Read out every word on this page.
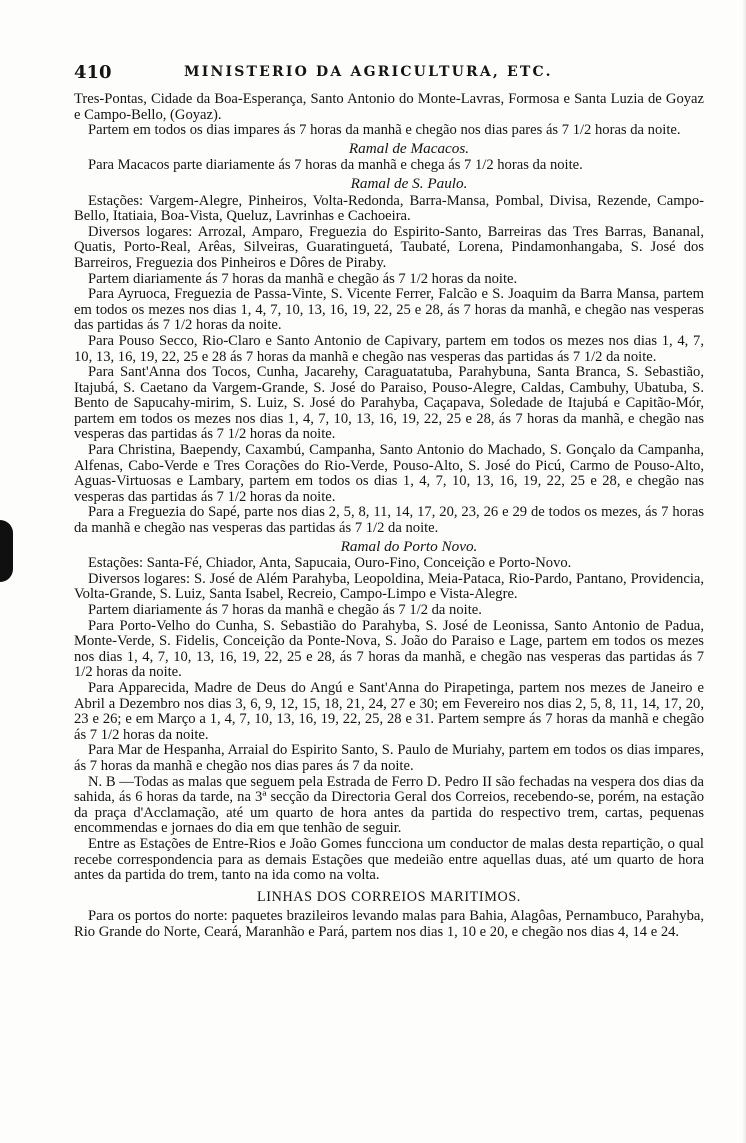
410	MINISTERIO DA AGRICULTURA, ETC.

Tres-Pontas, Cidade da Boa-Esperança, Santo Antonio do Monte-Lavras, Formosa e Santa Luzia de Goyaz e Campo-Bello, (Goyaz).

Partem em todos os dias impares ás 7 horas da manhã e chegão nos dias pares ás 7 1/2 horas da noite.

Ramal de Macacos.

Para Macacos parte diariamente ás 7 horas da manhã e chega ás 7 1/2 horas da noite.

Ramal de S. Paulo.

Estações: Vargem-Alegre, Pinheiros, Volta-Redonda, Barra-Mansa, Pombal, Divisa, Rezende, Campo-Bello, Itatiaia, Boa-Vista, Queluz, Lavrinhas e Cachoeira.

Diversos logares: Arrozal, Amparo, Freguezia do Espirito-Santo, Barreiras das Tres Barras, Bananal, Quatis, Porto-Real, Arêas, Silveiras, Guaratinguetá, Taubaté, Lorena, Pindamonhangaba, S. José dos Barreiros, Freguezia dos Pinheiros e Dôres de Piraby.

Partem diariamente ás 7 horas da manhã e chegão ás 7 1/2 horas da noite.

Para Ayruoca, Freguezia de Passa-Vinte, S. Vicente Ferrer, Falcão e S. Joaquim da Barra Mansa, partem em todos os mezes nos dias 1, 4, 7, 10, 13, 16, 19, 22, 25 e 28, ás 7 horas da manhã, e chegão nas vesperas das partidas ás 7 1/2 horas da noite.

Para Pouso Secco, Rio-Claro e Santo Antonio de Capivary, partem em todos os mezes nos dias 1, 4, 7, 10, 13, 16, 19, 22, 25 e 28 ás 7 horas da manhã e chegão nas vesperas das partidas ás 7 1/2 da noite.

Para Sant'Anna dos Tocos, Cunha, Jacarehy, Caraguatatuba, Parahybuna, Santa Branca, S. Sebastião, Itajubá, S. Caetano da Vargem-Grande, S. José do Paraiso, Pouso-Alegre, Caldas, Cambuhy, Ubatuba, S. Bento de Sapucahy-mirim, S. Luiz, S. José do Parahyba, Caçapava, Soledade de Itajubá e Capitão-Mór, partem em todos os mezes nos dias 1, 4, 7, 10, 13, 16, 19, 22, 25 e 28, ás 7 horas da manhã, e chegão nas vesperas das partidas ás 7 1/2 horas da noite.

Para Christina, Baependy, Caxambú, Campanha, Santo Antonio do Machado, S. Gonçalo da Campanha, Alfenas, Cabo-Verde e Tres Corações do Rio-Verde, Pouso-Alto, S. José do Picú, Carmo de Pouso-Alto, Aguas-Virtuosas e Lambary, partem em todos os dias 1, 4, 7, 10, 13, 16, 19, 22, 25 e 28, e chegão nas vesperas das partidas ás 7 1/2 horas da noite.

Para a Freguezia do Sapé, parte nos dias 2, 5, 8, 11, 14, 17, 20, 23, 26 e 29 de todos os mezes, ás 7 horas da manhã e chegão nas vesperas das partidas ás 7 1/2 da noite.

Ramal do Porto Novo.

Estações: Santa-Fé, Chiador, Anta, Sapucaia, Ouro-Fino, Conceição e Porto-Novo.

Diversos logares: S. José de Além Parahyba, Leopoldina, Meia-Pataca, Rio-Pardo, Pantano, Providencia, Volta-Grande, S. Luiz, Santa Isabel, Recreio, Campo-Limpo e Vista-Alegre.

Partem diariamente ás 7 horas da manhã e chegão ás 7 1/2 da noite.

Para Porto-Velho do Cunha, S. Sebastião do Parahyba, S. José de Leonissa, Santo Antonio de Padua, Monte-Verde, S. Fidelis, Conceição da Ponte-Nova, S. João do Paraiso e Lage, partem em todos os mezes nos dias 1, 4, 7, 10, 13, 16, 19, 22, 25 e 28, ás 7 horas da manhã, e chegão nas vesperas das partidas ás 7 1/2 horas da noite.

Para Apparecida, Madre de Deus do Angú e Sant'Anna do Pirapetinga, partem nos mezes de Janeiro e Abril a Dezembro nos dias 3, 6, 9, 12, 15, 18, 21, 24, 27 e 30; em Fevereiro nos dias 2, 5, 8, 11, 14, 17, 20, 23 e 26; e em Março a 1, 4, 7, 10, 13, 16, 19, 22, 25, 28 e 31. Partem sempre ás 7 horas da manhã e chegão ás 7 1/2 horas da noite.

Para Mar de Hespanha, Arraial do Espirito Santo, S. Paulo de Muriahy, partem em todos os dias impares, ás 7 horas da manhã e chegão nos dias pares ás 7 da noite.

N. B —Todas as malas que seguem pela Estrada de Ferro D. Pedro II são fechadas na vespera dos dias da sahida, ás 6 horas da tarde, na 3ª secção da Directoria Geral dos Correios, recebendo-se, porém, na estação da praça d'Acclamação, até um quarto de hora antes da partida do respectivo trem, cartas, pequenas encommendas e jornaes do dia em que tenhão de seguir.

Entre as Estações de Entre-Rios e João Gomes funcciona um conductor de malas desta repartição, o qual recebe correspondencia para as demais Estações que medeião entre aquellas duas, até um quarto de hora antes da partida do trem, tanto na ida como na volta.

LINHAS DOS CORREIOS MARITIMOS.

Para os portos do norte: paquetes brazileiros levando malas para Bahia, Alagôas, Pernambuco, Parahyba, Rio Grande do Norte, Ceará, Maranhão e Pará, partem nos dias 1, 10 e 20, e chegão nos dias 4, 14 e 24.
